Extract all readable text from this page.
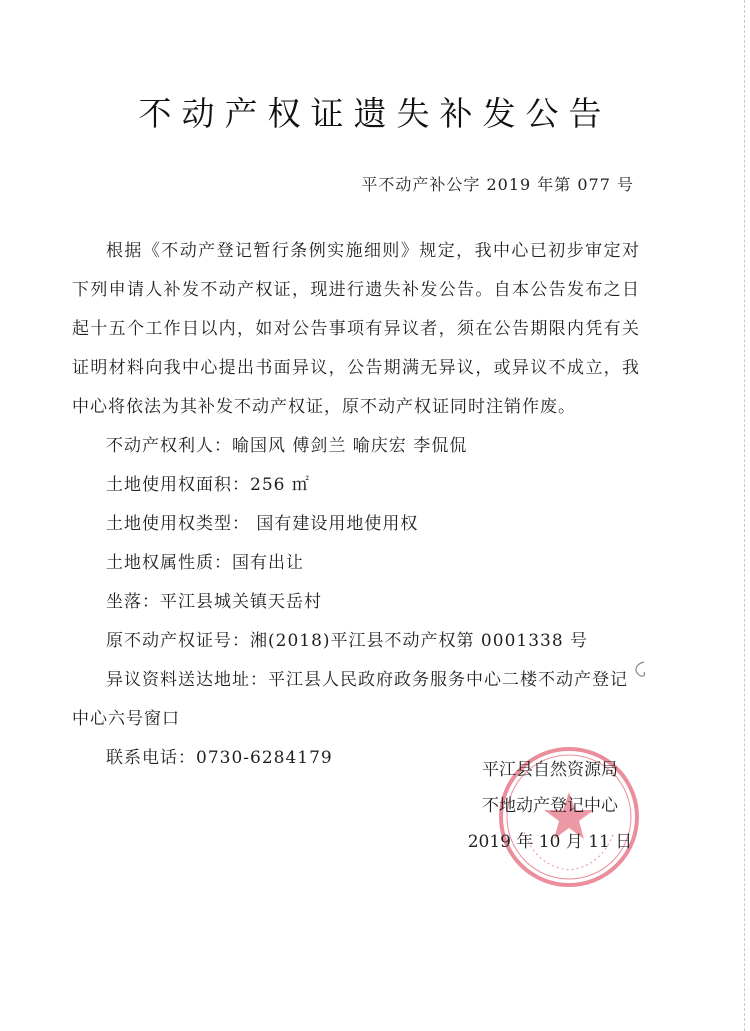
不动产权证遗失补发公告
平不动产补公字 2019 年第 077 号

根据《不动产登记暂行条例实施细则》规定，我中心已初步审定对下列申请人补发不动产权证，现进行遗失补发公告。自本公告发布之日起十五个工作日以内，如对公告事项有异议者，须在公告期限内凭有关证明材料向我中心提出书面异议，公告期满无异议，或异议不成立，我中心将依法为其补发不动产权证，原不动产权证同时注销作废。

不动产权利人：喻国风 傅剑兰 喻庆宏 李侃侃

土地使用权面积：256 ㎡

土地使用权类型： 国有建设用地使用权

土地权属性质：国有出让

坐落：平江县城关镇天岳村

原不动产权证号：湘(2018)平江县不动产权第 0001338 号

异议资料送达地址：平江县人民政府政务服务中心二楼不动产登记中心六号窗口

联系电话：0730-6284179

平江县自然资源局
不地动产登记中心
2019 年 10 月 11 日
